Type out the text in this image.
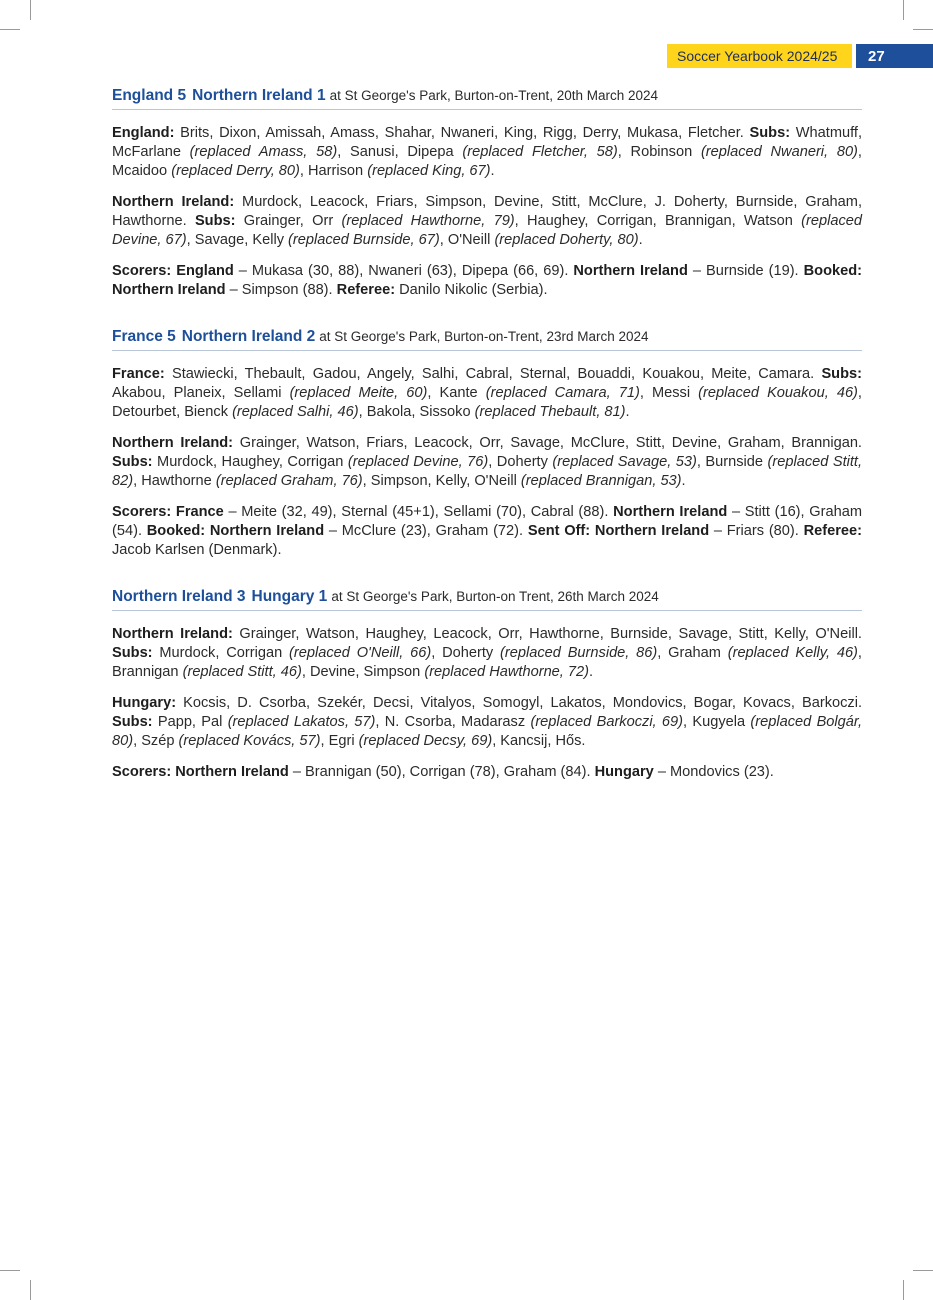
Soccer Yearbook 2024/25	27
England 5 Northern Ireland 1 at St George's Park, Burton-on-Trent, 20th March 2024

England: Brits, Dixon, Amissah, Amass, Shahar, Nwaneri, King, Rigg, Derry, Mukasa, Fletcher. Subs: Whatmuff, McFarlane (replaced Amass, 58), Sanusi, Dipepa (replaced Fletcher, 58), Robinson (replaced Nwaneri, 80), Mcaidoo (replaced Derry, 80), Harrison (replaced King, 67).

Northern Ireland: Murdock, Leacock, Friars, Simpson, Devine, Stitt, McClure, J. Doherty, Burnside, Graham, Hawthorne. Subs: Grainger, Orr (replaced Hawthorne, 79), Haughey, Corrigan, Brannigan, Watson (replaced Devine, 67), Savage, Kelly (replaced Burnside, 67), O'Neill (replaced Doherty, 80).

Scorers: England – Mukasa (30, 88), Nwaneri (63), Dipepa (66, 69). Northern Ireland – Burnside (19). Booked: Northern Ireland – Simpson (88). Referee: Danilo Nikolic (Serbia).

France 5 Northern Ireland 2 at St George's Park, Burton-on-Trent, 23rd March 2024

France: Stawiecki, Thebault, Gadou, Angely, Salhi, Cabral, Sternal, Bouaddi, Kouakou, Meite, Camara. Subs: Akabou, Planeix, Sellami (replaced Meite, 60), Kante (replaced Camara, 71), Messi (replaced Kouakou, 46), Detourbet, Bienck (replaced Salhi, 46), Bakola, Sissoko (replaced Thebault, 81).

Northern Ireland: Grainger, Watson, Friars, Leacock, Orr, Savage, McClure, Stitt, Devine, Graham, Brannigan. Subs: Murdock, Haughey, Corrigan (replaced Devine, 76), Doherty (replaced Savage, 53), Burnside (replaced Stitt, 82), Hawthorne (replaced Graham, 76), Simpson, Kelly, O'Neill (replaced Brannigan, 53).

Scorers: France – Meite (32, 49), Sternal (45+1), Sellami (70), Cabral (88). Northern Ireland – Stitt (16), Graham (54). Booked: Northern Ireland – McClure (23), Graham (72). Sent Off: Northern Ireland – Friars (80). Referee: Jacob Karlsen (Denmark).

Northern Ireland 3 Hungary 1 at St George's Park, Burton-on Trent, 26th March 2024

Northern Ireland: Grainger, Watson, Haughey, Leacock, Orr, Hawthorne, Burnside, Savage, Stitt, Kelly, O'Neill. Subs: Murdock, Corrigan (replaced O'Neill, 66), Doherty (replaced Burnside, 86), Graham (replaced Kelly, 46), Brannigan (replaced Stitt, 46), Devine, Simpson (replaced Hawthorne, 72).

Hungary: Kocsis, D. Csorba, Szekér, Decsi, Vitalyos, Somogyl, Lakatos, Mondovics, Bogar, Kovacs, Barkoczi. Subs: Papp, Pal (replaced Lakatos, 57), N. Csorba, Madarasz (replaced Barkoczi, 69), Kugyela (replaced Bolgár, 80), Szép (replaced Kovács, 57), Egri (replaced Decsy, 69), Kancsij, Hős.

Scorers: Northern Ireland – Brannigan (50), Corrigan (78), Graham (84). Hungary – Mondovics (23).
